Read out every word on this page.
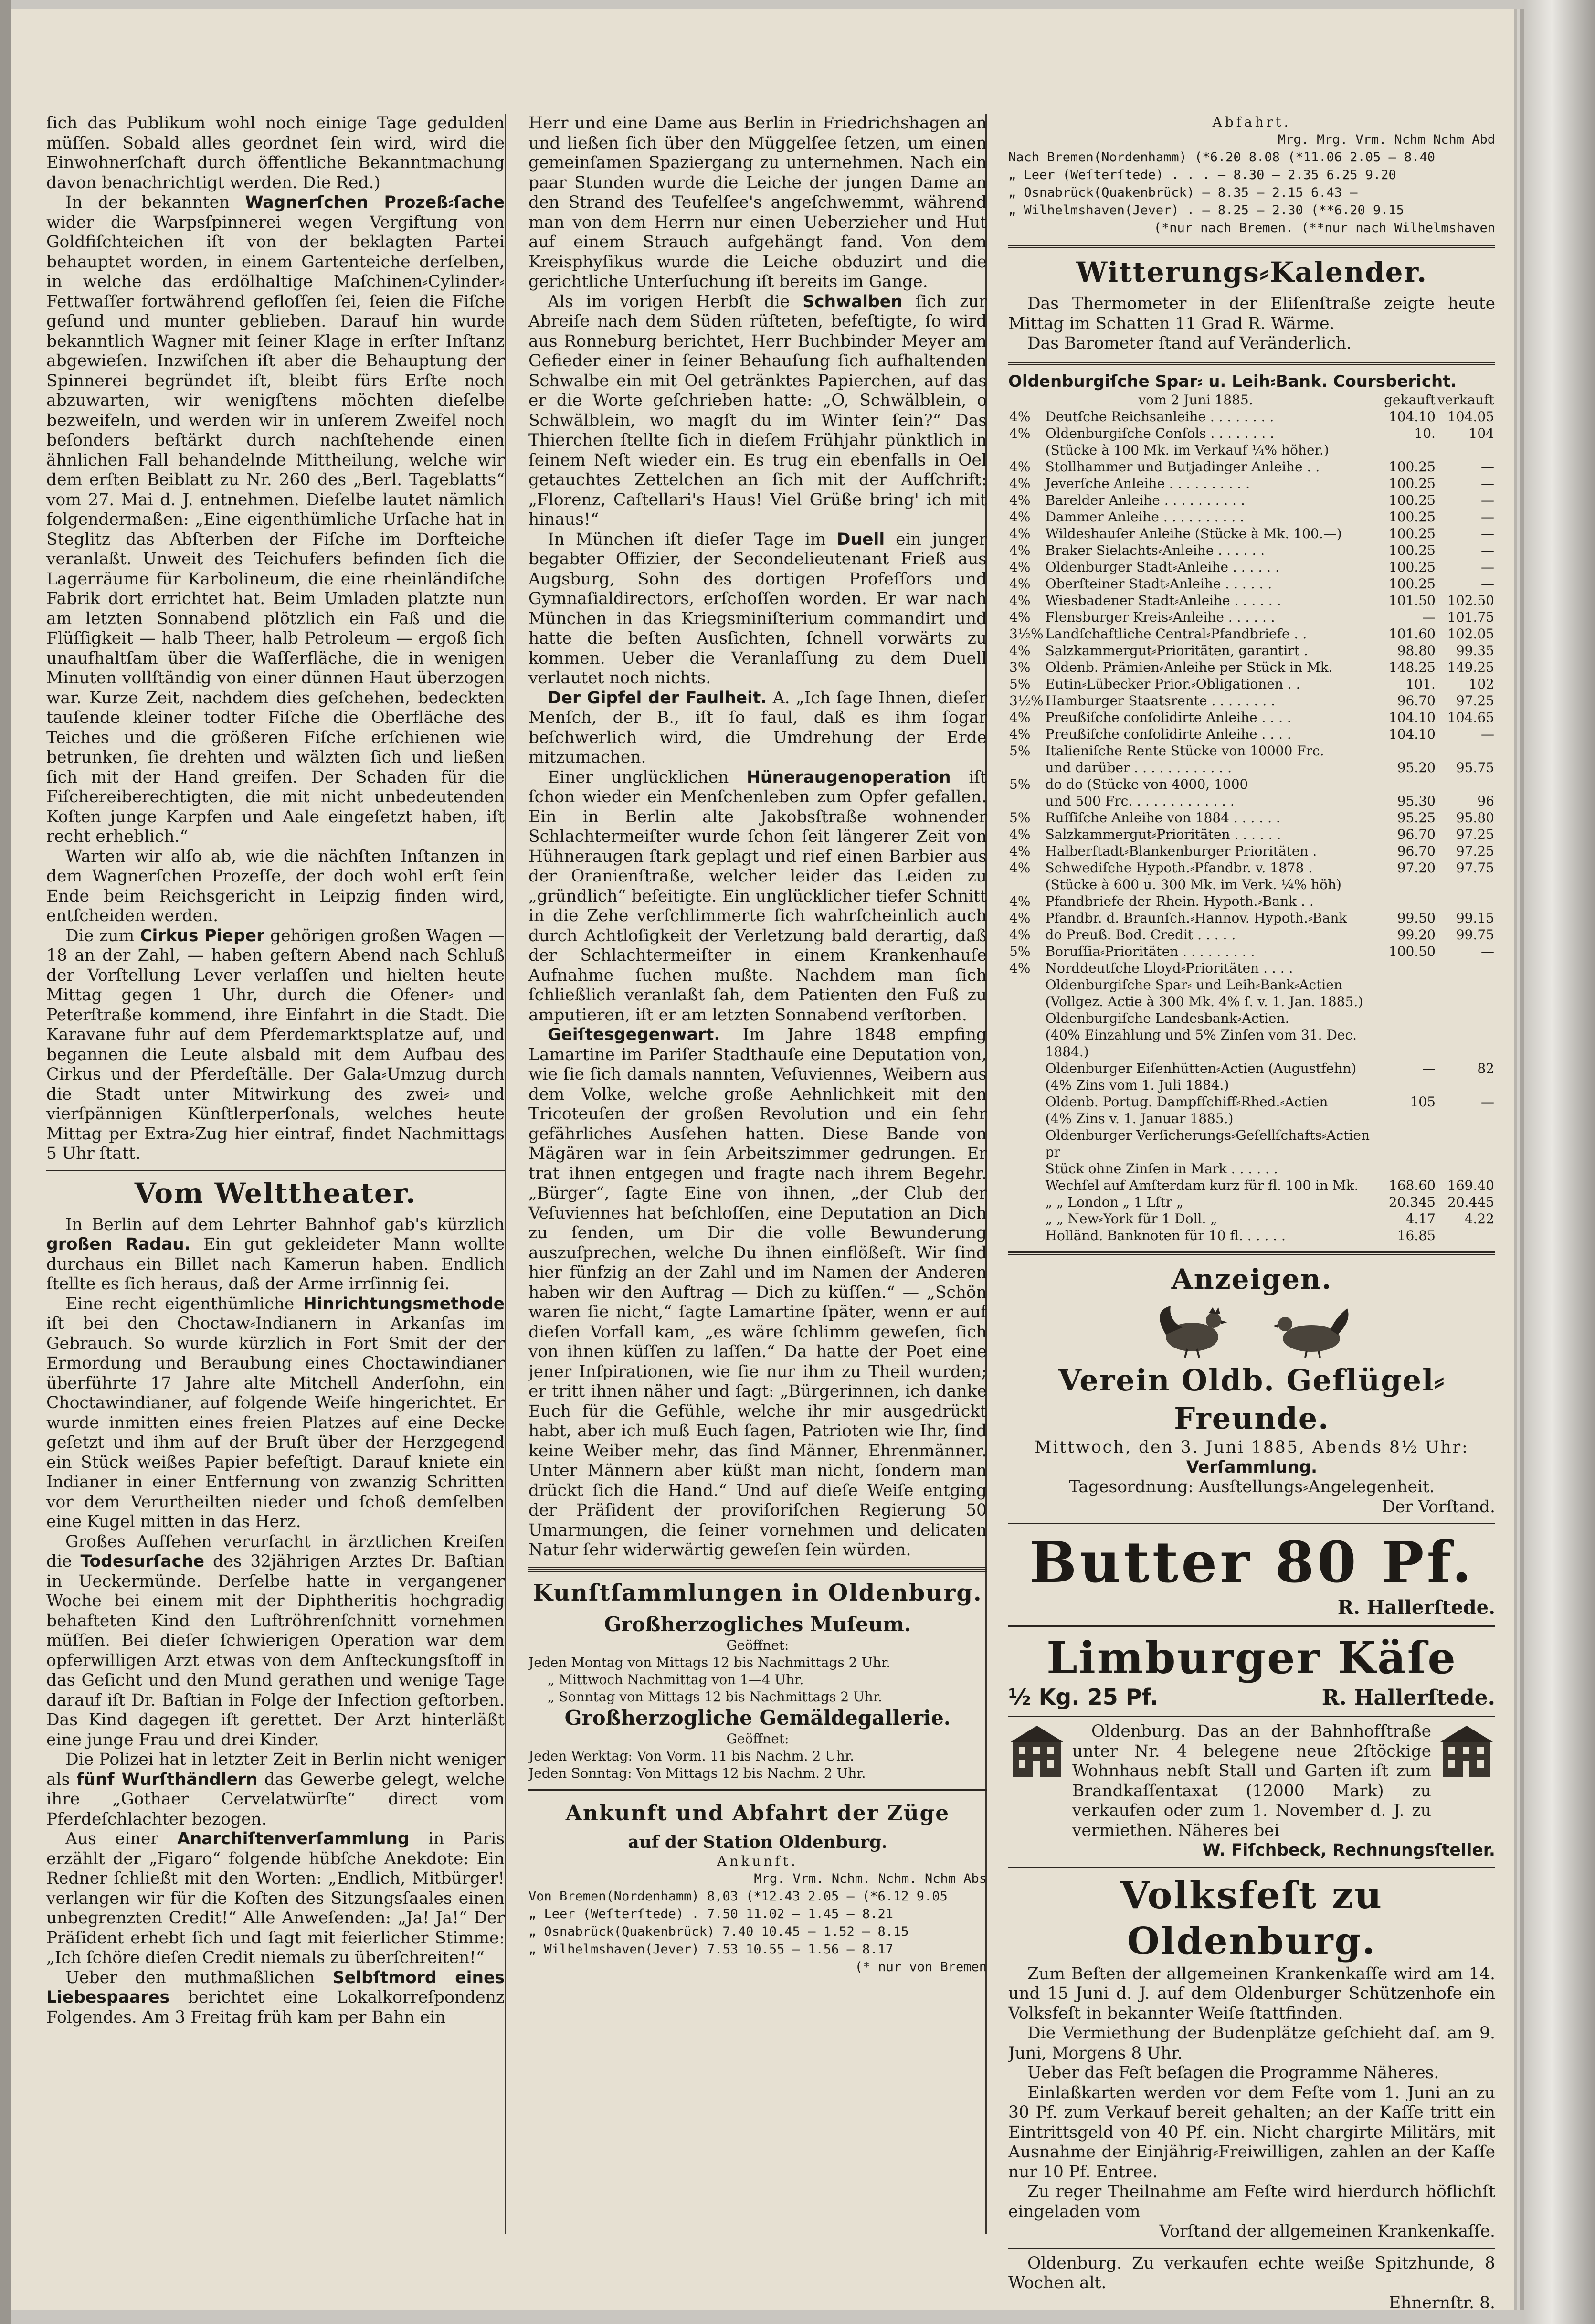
ſich das Publikum wohl noch einige Tage gedulden müſſen. Sobald alles geordnet ſein wird, wird die Einwohnerſchaft durch öffentliche Bekanntmachung davon benachrichtigt werden. Die Red.)

In der bekannten Wagnerſchen Prozeß⸗ſache wider die Warpsſpinnerei wegen Vergiftung von Goldfiſchteichen iſt von der beklagten Partei behauptet worden, in einem Gartenteiche derſelben, in welche das erdölhaltige Maſchinen⸗Cylinder⸗Fettwaſſer fortwährend gefloſſen ſei, ſeien die Fiſche geſund und munter geblieben. Darauf hin wurde bekanntlich Wagner mit ſeiner Klage in erſter Inſtanz abgewieſen. Inzwiſchen iſt aber die Behauptung der Spinnerei begründet iſt, bleibt fürs Erſte noch abzuwarten, wir wenigſtens möchten dieſelbe bezweifeln, und werden wir in unſerem Zweifel noch beſonders beſtärkt durch nachſtehende einen ähnlichen Fall behandelnde Mittheilung, welche wir dem erſten Beiblatt zu Nr. 260 des „Berl. Tageblatts“ vom 27. Mai d. J. entnehmen. Dieſelbe lautet nämlich folgendermaßen: „Eine eigenthümliche Urſache hat in Steglitz das Abſterben der Fiſche im Dorfteiche veranlaßt. Unweit des Teichufers befinden ſich die Lagerräume für Karbolineum, die eine rheinländiſche Fabrik dort errichtet hat. Beim Umladen platzte nun am letzten Sonnabend plötzlich ein Faß und die Flüſſigkeit — halb Theer, halb Petroleum — ergoß ſich unaufhaltſam über die Waſſerfläche, die in wenigen Minuten vollſtändig von einer dünnen Haut überzogen war. Kurze Zeit, nachdem dies geſchehen, bedeckten tauſende kleiner todter Fiſche die Oberfläche des Teiches und die größeren Fiſche erſchienen wie betrunken, ſie drehten und wälzten ſich und ließen ſich mit der Hand greifen. Der Schaden für die Fiſchereiberechtigten, die mit nicht unbedeutenden Koſten junge Karpfen und Aale eingeſetzt haben, iſt recht erheblich.“

Warten wir alſo ab, wie die nächſten Inſtanzen in dem Wagnerſchen Prozeſſe, der doch wohl erſt ſein Ende beim Reichsgericht in Leipzig finden wird, entſcheiden werden.

Die zum Cirkus Pieper gehörigen großen Wagen — 18 an der Zahl, — haben geſtern Abend nach Schluß der Vorſtellung Lever verlaſſen und hielten heute Mittag gegen 1 Uhr, durch die Ofener⸗ und Peterſtraße kommend, ihre Einfahrt in die Stadt. Die Karavane fuhr auf dem Pferdemarktsplatze auf, und begannen die Leute alsbald mit dem Aufbau des Cirkus und der Pferdeſtälle. Der Gala⸗Umzug durch die Stadt unter Mitwirkung des zwei⸗ und vierſpännigen Künſtlerperſonals, welches heute Mittag per Extra⸗Zug hier eintraf, findet Nachmittags 5 Uhr ſtatt.

Vom Welttheater.

In Berlin auf dem Lehrter Bahnhof gab's kürzlich großen Radau. Ein gut gekleideter Mann wollte durchaus ein Billet nach Kamerun haben. Endlich ſtellte es ſich heraus, daß der Arme irrſinnig ſei.

Eine recht eigenthümliche Hinrichtungsmethode iſt bei den Choctaw⸗Indianern in Arkanſas im Gebrauch. So wurde kürzlich in Fort Smit der der Ermordung und Beraubung eines Choctawindianer überführte 17 Jahre alte Mitchell Anderſohn, ein Choctawindianer, auf folgende Weiſe hingerichtet. Er wurde inmitten eines freien Platzes auf eine Decke geſetzt und ihm auf der Bruſt über der Herzgegend ein Stück weißes Papier befeſtigt. Darauf kniete ein Indianer in einer Entfernung von zwanzig Schritten vor dem Verurtheilten nieder und ſchoß demſelben eine Kugel mitten in das Herz.

Großes Aufſehen verurſacht in ärztlichen Kreiſen die Todesurſache des 32jährigen Arztes Dr. Baſtian in Ueckermünde. Derſelbe hatte in vergangener Woche bei einem mit der Diphtheritis hochgradig behafteten Kind den Luftröhrenſchnitt vornehmen müſſen. Bei dieſer ſchwierigen Operation war dem opferwilligen Arzt etwas von dem Anſteckungsſtoff in das Geſicht und den Mund gerathen und wenige Tage darauf iſt Dr. Baſtian in Folge der Infection geſtorben. Das Kind dagegen iſt gerettet. Der Arzt hinterläßt eine junge Frau und drei Kinder.

Die Polizei hat in letzter Zeit in Berlin nicht weniger als fünf Wurſthändlern das Gewerbe gelegt, welche ihre „Gothaer Cervelatwürſte“ direct vom Pferdeſchlachter bezogen.

Aus einer Anarchiſtenverſammlung in Paris erzählt der „Figaro“ folgende hübſche Anekdote: Ein Redner ſchließt mit den Worten: „Endlich, Mitbürger! verlangen wir für die Koſten des Sitzungsſaales einen unbegrenzten Credit!“ Alle Anweſenden: „Ja! Ja!“ Der Präſident erhebt ſich und ſagt mit feierlicher Stimme: „Ich ſchöre dieſen Credit niemals zu überſchreiten!“

Ueber den muthmaßlichen Selbſtmord eines Liebespaares berichtet eine Lokalkorreſpondenz Folgendes. Am 3 Freitag früh kam per Bahn ein

Herr und eine Dame aus Berlin in Friedrichshagen an und ließen ſich über den Müggelſee ſetzen, um einen gemeinſamen Spaziergang zu unternehmen. Nach ein paar Stunden wurde die Leiche der jungen Dame an den Strand des Teufelſee's angeſchwemmt, während man von dem Herrn nur einen Ueberzieher und Hut auf einem Strauch aufgehängt fand. Von dem Kreisphyſikus wurde die Leiche obduzirt und die gerichtliche Unterſuchung iſt bereits im Gange.

Als im vorigen Herbſt die Schwalben ſich zur Abreiſe nach dem Süden rüſteten, befeſtigte, ſo wird aus Ronneburg berichtet, Herr Buchbinder Meyer am Gefieder einer in ſeiner Behauſung ſich aufhaltenden Schwalbe ein mit Oel getränktes Papierchen, auf das er die Worte geſchrieben hatte: „O, Schwälblein, o Schwälblein, wo magſt du im Winter ſein?“ Das Thierchen ſtellte ſich in dieſem Frühjahr pünktlich in ſeinem Neſt wieder ein. Es trug ein ebenfalls in Oel getauchtes Zettelchen an ſich mit der Aufſchrift: „Florenz, Caſtellari's Haus! Viel Grüße bring' ich mit hinaus!“

In München iſt dieſer Tage im Duell ein junger begabter Offizier, der Secondelieutenant Frieß aus Augsburg, Sohn des dortigen Profeſſors und Gymnaſialdirectors, erſchoſſen worden. Er war nach München in das Kriegsminiſterium commandirt und hatte die beſten Ausſichten, ſchnell vorwärts zu kommen. Ueber die Veranlaſſung zu dem Duell verlautet noch nichts.

Der Gipfel der Faulheit. A. „Ich ſage Ihnen, dieſer Menſch, der B., iſt ſo faul, daß es ihm ſogar beſchwerlich wird, die Umdrehung der Erde mitzumachen.

Einer unglücklichen Hüneraugenoperation iſt ſchon wieder ein Menſchenleben zum Opfer gefallen. Ein in Berlin alte Jakobsſtraße wohnender Schlachtermeiſter wurde ſchon ſeit längerer Zeit von Hühneraugen ſtark geplagt und rief einen Barbier aus der Oranienſtraße, welcher leider das Leiden zu „gründlich“ beſeitigte. Ein unglücklicher tiefer Schnitt in die Zehe verſchlimmerte ſich wahrſcheinlich auch durch Achtloſigkeit der Verletzung bald derartig, daß der Schlachtermeiſter in einem Krankenhauſe Aufnahme ſuchen mußte. Nachdem man ſich ſchließlich veranlaßt ſah, dem Patienten den Fuß zu amputieren, iſt er am letzten Sonnabend verſtorben.

Geiſtesgegenwart. Im Jahre 1848 empfing Lamartine im Pariſer Stadthauſe eine Deputation von, wie ſie ſich damals nannten, Veſuviennes, Weibern aus dem Volke, welche große Aehnlichkeit mit den Tricoteuſen der großen Revolution und ein ſehr gefährliches Ausſehen hatten. Diese Bande von Mägären war in ſein Arbeitszimmer gedrungen. Er trat ihnen entgegen und fragte nach ihrem Begehr. „Bürger“, ſagte Eine von ihnen, „der Club der Veſuviennes hat beſchloſſen, eine Deputation an Dich zu ſenden, um Dir die volle Bewunderung auszuſprechen, welche Du ihnen einflößeſt. Wir ſind hier fünfzig an der Zahl und im Namen der Anderen haben wir den Auftrag — Dich zu küſſen.“ — „Schön waren ſie nicht,“ ſagte Lamartine ſpäter, wenn er auf dieſen Vorfall kam, „es wäre ſchlimm geweſen, ſich von ihnen küſſen zu laſſen.“ Da hatte der Poet eine jener Inſpirationen, wie ſie nur ihm zu Theil wurden; er tritt ihnen näher und ſagt: „Bürgerinnen, ich danke Euch für die Gefühle, welche ihr mir ausgedrückt habt, aber ich muß Euch ſagen, Patrioten wie Ihr, ſind keine Weiber mehr, das ſind Männer, Ehrenmänner. Unter Männern aber küßt man nicht, ſondern man drückt ſich die Hand.“ Und auf dieſe Weiſe entging der Präſident der proviſoriſchen Regierung 50 Umarmungen, die ſeiner vornehmen und delicaten Natur ſehr widerwärtig geweſen ſein würden.

Kunſtſammlungen in Oldenburg.
Großherzogliches Muſeum.

Geöffnet:

Jeden Montag von Mittags 12 bis Nachmittags 2 Uhr.

„ Mittwoch Nachmittag von 1—4 Uhr.

„ Sonntag von Mittags 12 bis Nachmittags 2 Uhr.

Großherzogliche Gemäldegallerie.

Geöffnet:

Jeden Werktag: Von Vorm. 11 bis Nachm. 2 Uhr.

Jeden Sonntag: Von Mittags 12 bis Nachm. 2 Uhr.

Ankunft und Abfahrt der Züge
auf der Station Oldenburg.

Ankunft.

Mrg. Vrm. Nchm. Nchm. Nchm Abs
Von Bremen(Nordenhamm) 8,03 (*12.43 2.05 — (*6.12 9.05
„ Leer (Weſterſtede) . 7.50 11.02 — 1.45 — 8.21
„ Osnabrück(Quakenbrück) 7.40 10.45 — 1.52 — 8.15
„ Wilhelmshaven(Jever) 7.53 10.55 — 1.56 — 8.17
(* nur von Bremen

Abfahrt.

Mrg. Mrg. Vrm. Nchm Nchm Abd
Nach Bremen(Nordenhamm) (*6.20 8.08 (*11.06 2.05 — 8.40
„ Leer (Weſterſtede) . . . — 8.30 — 2.35 6.25 9.20
„ Osnabrück(Quakenbrück) — 8.35 — 2.15 6.43 —
„ Wilhelmshaven(Jever) . — 8.25 — 2.30 (**6.20 9.15
(*nur nach Bremen. (**nur nach Wilhelmshaven
Witterungs⸗Kalender.

Das Thermometer in der Eliſenſtraße zeigte heute Mittag im Schatten 11 Grad R. Wärme.

Das Barometer ſtand auf Veränderlich.

Oldenburgiſche Spar⸗ u. Leih⸗Bank. Coursbericht.

vom 2 Juni 1885.		gekauft	verkauft
4%	Deutſche Reichsanleihe . . . . . . . .	104.10	104.05
4%	Oldenburgiſche Conſols . . . . . . . .	10.	104
	(Stücke à 100 Mk. im Verkauf ¼% höher.)		
4%	Stollhammer und Butjadinger Anleihe . .	100.25	—
4%	Jeverſche Anleihe . . . . . . . . . .	100.25	—
4%	Barelder Anleihe . . . . . . . . . .	100.25	—
4%	Dammer Anleihe . . . . . . . . . .	100.25	—
4%	Wildeshauſer Anleihe (Stücke à Mk. 100.—)	100.25	—
4%	Braker Sielachts⸗Anleihe . . . . . .	100.25	—
4%	Oldenburger Stadt⸗Anleihe . . . . . .	100.25	—
4%	Oberſteiner Stadt⸗Anleihe . . . . . .	100.25	—
4%	Wiesbadener Stadt⸗Anleihe . . . . . .	101.50	102.50
4%	Flensburger Kreis⸗Anleihe . . . . . .	—	101.75
3½%	Landſchaftliche Central⸗Pfandbriefe . .	101.60	102.05
4%	Salzkammergut⸗Prioritäten, garantirt .	98.80	99.35
3%	Oldenb. Prämien⸗Anleihe per Stück in Mk.	148.25	149.25
5%	Eutin⸗Lübecker Prior.⸗Obligationen . .	101.	102
3½%	Hamburger Staatsrente . . . . . . . .	96.70	97.25
4%	Preußiſche conſolidirte Anleihe . . . .	104.10	104.65
4%	Preußiſche conſolidirte Anleihe . . . .	104.10	—
5%	Italieniſche Rente Stücke von 10000 Frc.		
	und darüber . . . . . . . . . . . .	95.20	95.75
5%	do do (Stücke von 4000, 1000		
	und 500 Frc. . . . . . . . . . . . .	95.30	96
5%	Ruſſiſche Anleihe von 1884 . . . . . .	95.25	95.80
4%	Salzkammergut⸗Prioritäten . . . . . .	96.70	97.25
4%	Halberſtadt⸗Blankenburger Prioritäten .	96.70	97.25
4%	Schwediſche Hypoth.⸗Pfandbr. v. 1878 .	97.20	97.75
	(Stücke à 600 u. 300 Mk. im Verk. ¼% höh)		
4%	Pfandbriefe der Rhein. Hypoth.⸗Bank . .		
4%	Pfandbr. d. Braunſch.⸗Hannov. Hypoth.⸗Bank	99.50	99.15
4%	do Preuß. Bod. Credit . . . . .	99.20	99.75
5%	Boruſſia⸗Prioritäten . . . . . . . . .	100.50	—
4%	Norddeutſche Lloyd⸗Prioritäten . . . .		
	Oldenburgiſche Spar⸗ und Leih⸗Bank⸗Actien		
	(Vollgez. Actie à 300 Mk. 4% ſ. v. 1. Jan. 1885.)		
	Oldenburgiſche Landesbank⸗Actien.		
	(40% Einzahlung und 5% Zinſen vom 31. Dec. 1884.)		
	Oldenburger Eiſenhütten⸗Actien (Augustfehn)	—	82
	(4% Zins vom 1. Juli 1884.)		
	Oldenb. Portug. Dampfſchiff⸗Rhed.⸗Actien	105	—
	(4% Zins v. 1. Januar 1885.)		
	Oldenburger Verſicherungs⸗Geſellſchafts⸗Actien pr		
	Stück ohne Zinſen in Mark . . . . . .		
	Wechſel auf Amſterdam kurz für fl. 100 in Mk.	168.60	169.40
	„ „ London „ 1 Lſtr „	20.345	20.445
	„ „ New⸗York für 1 Doll. „	4.17	4.22
	Holländ. Banknoten für 10 fl. . . . . .	16.85	
Anzeigen.

Verein Oldb. Geflügel⸗Freunde.

Mittwoch, den 3. Juni 1885, Abends 8½ Uhr:

Verſammlung.

Tagesordnung: Ausſtellungs⸗Angelegenheit.

Der Vorſtand.

Butter 80 Pf.

R. Hallerſtede.

Limburger Käſe

½ Kg. 25 Pf.	R. Hallerſtede.

Oldenburg. Das an der Bahnhofſtraße unter Nr. 4 belegene neue 2ſtöckige Wohnhaus nebſt Stall und Garten iſt zum Brandkaſſentaxat (12000 Mark) zu verkaufen oder zum 1. November d. J. zu vermiethen. Näheres bei

W. Fiſchbeck, Rechnungsſteller.

Volksfeſt zu Oldenburg.

Zum Beſten der allgemeinen Krankenkaſſe wird am 14. und 15 Juni d. J. auf dem Oldenburger Schützenhofe ein Volksfeſt in bekannter Weiſe ſtattfinden.

Die Vermiethung der Budenplätze geſchieht daſ. am 9. Juni, Morgens 8 Uhr.

Ueber das Feſt beſagen die Programme Näheres.

Einlaßkarten werden vor dem Feſte vom 1. Juni an zu 30 Pf. zum Verkauf bereit gehalten; an der Kaſſe tritt ein Eintrittsgeld von 40 Pf. ein. Nicht chargirte Militärs, mit Ausnahme der Einjährig⸗Freiwilligen, zahlen an der Kaſſe nur 10 Pf. Entree.

Zu reger Theilnahme am Feſte wird hierdurch höflichſt eingeladen vom

Vorſtand der allgemeinen Krankenkaſſe.

Oldenburg. Zu verkaufen echte weiße Spitzhunde, 8 Wochen alt.

Ehnernſtr. 8.
